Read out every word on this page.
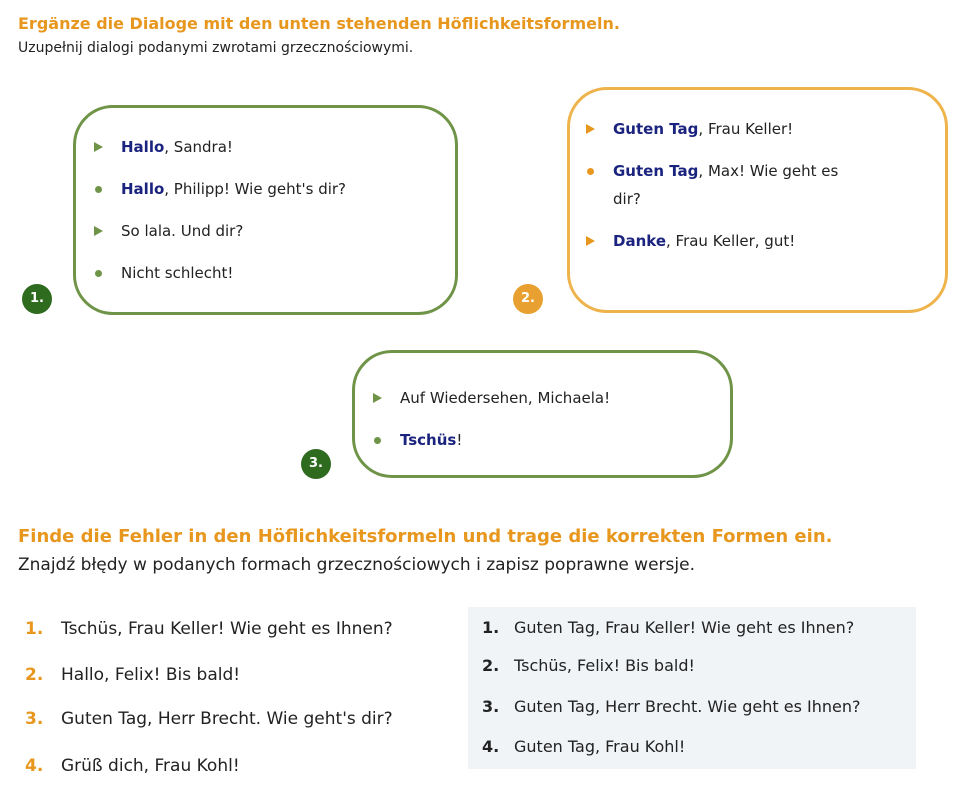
Ergänze die Dialoge mit den unten stehenden Höflichkeitsformeln.
Uzupełnij dialogi podanymi zwrotami grzecznościowymi.
Hallo, Sandra!
Hallo, Philipp! Wie geht's dir?
So lala. Und dir?
Nicht schlecht!
1.
Guten Tag, Frau Keller!
Guten Tag, Max! Wie geht es
dir?
Danke, Frau Keller, gut!
2.
Auf Wiedersehen, Michaela!
Tschüs!
3.
Finde die Fehler in den Höflichkeitsformeln und trage die korrekten Formen ein.
Znajdź błędy w podanych formach grzecznościowych i zapisz poprawne wersje.
1. Tschüs, Frau Keller! Wie geht es Ihnen?
2. Hallo, Felix! Bis bald!
3. Guten Tag, Herr Brecht. Wie geht's dir?
4. Grüß dich, Frau Kohl!
1. Guten Tag, Frau Keller! Wie geht es Ihnen?
2. Tschüs, Felix! Bis bald!
3. Guten Tag, Herr Brecht. Wie geht es Ihnen?
4. Guten Tag, Frau Kohl!
